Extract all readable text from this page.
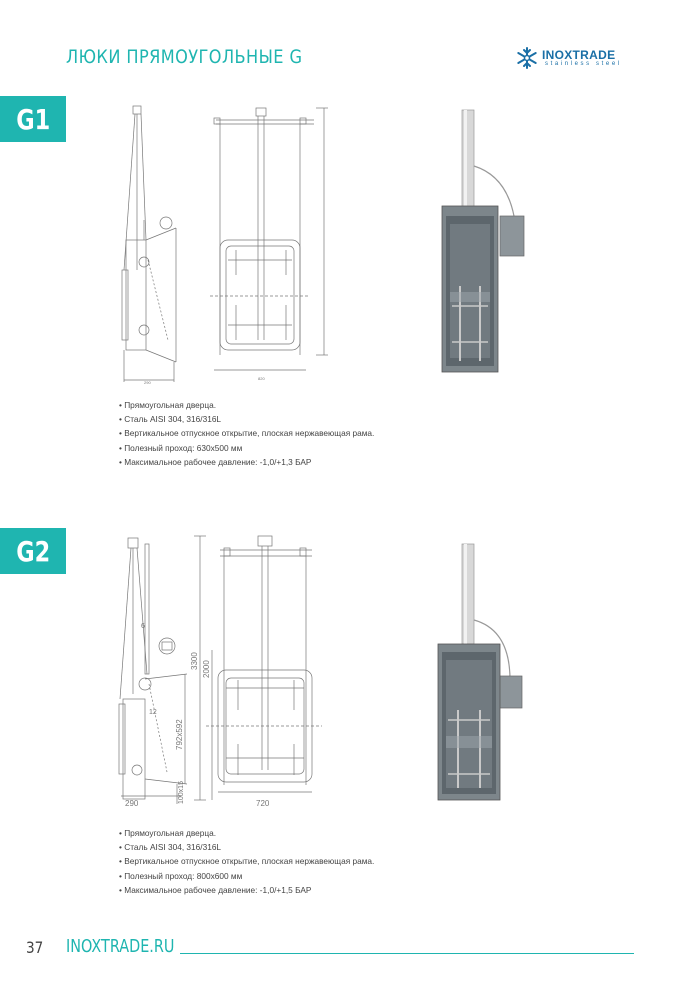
ЛЮКИ ПРЯМОУГОЛЬНЫЕ G	INOXTRADE
stainless steel
G1
290
820
• Прямоугольная дверца.
• Сталь AISI 304, 316/316L
• Вертикальное отпускное открытие, плоская нержавеющая рама.
• Полезный проход: 630х500 мм
• Максимальное рабочее давление: -1,0/+1,3 БАР
G2
6
12
290	100х15
3300 2000
792х592
720
• Прямоугольная дверца.
• Сталь AISI 304, 316/316L
• Вертикальное отпускное открытие, плоская нержавеющая рама.
• Полезный проход: 800х600 мм
• Максимальное рабочее давление: -1,0/+1,5 БАР
37 INOXTRADE.RU
